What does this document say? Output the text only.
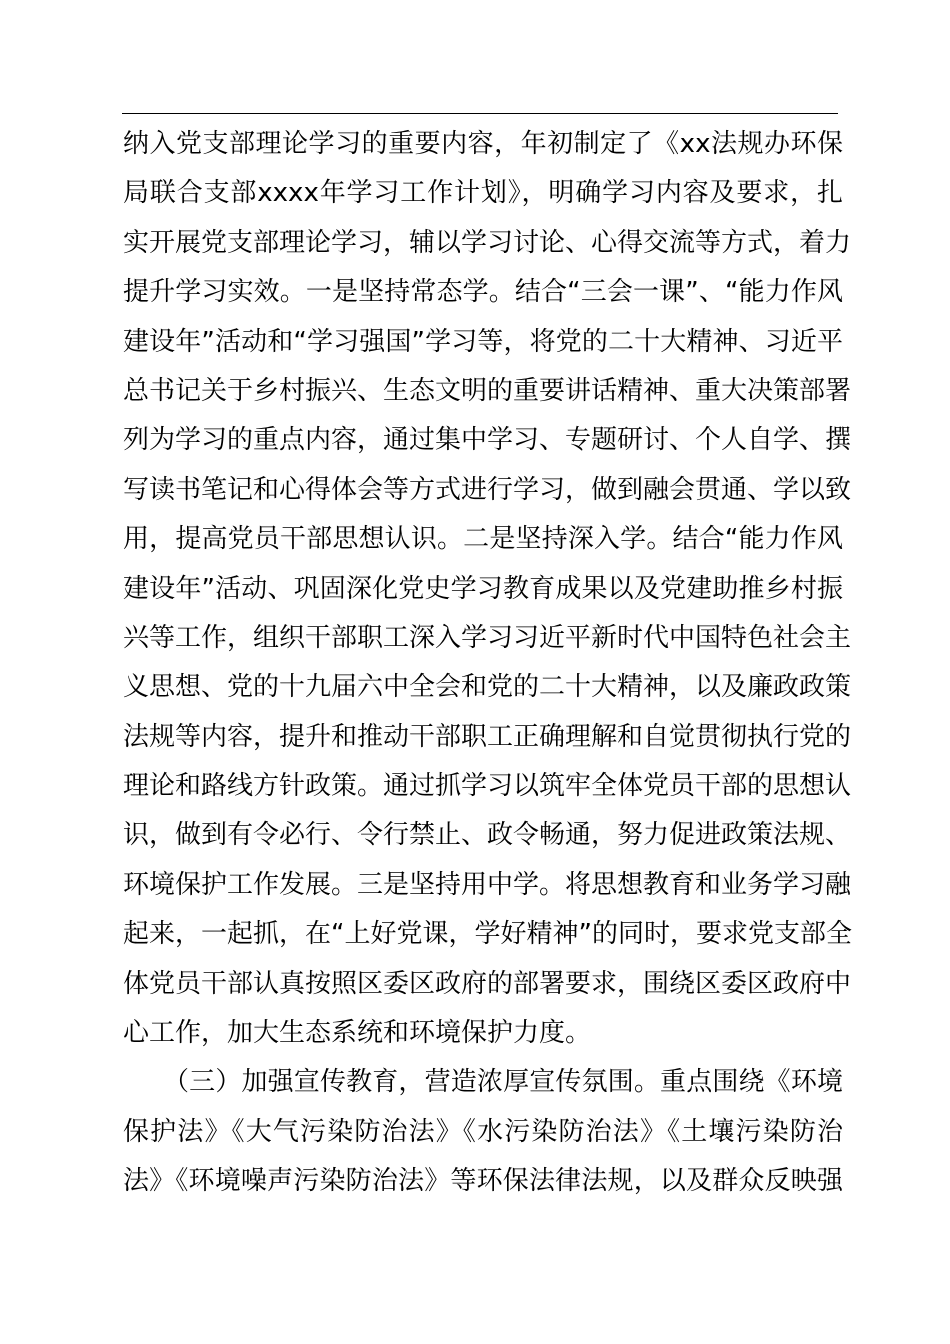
纳入党支部理论学习的重要内容，年初制定了《xx法规办环保
局联合支部xxxx年学习工作计划》，明确学习内容及要求，扎
实开展党支部理论学习，辅以学习讨论、心得交流等方式，着力
提升学习实效。一是坚持常态学。结合“三会一课”、“能力作风
建设年”活动和“学习强国”学习等，将党的二十大精神、习近平
总书记关于乡村振兴、生态文明的重要讲话精神、重大决策部署
列为学习的重点内容，通过集中学习、专题研讨、个人自学、撰
写读书笔记和心得体会等方式进行学习，做到融会贯通、学以致
用，提高党员干部思想认识。二是坚持深入学。结合“能力作风
建设年”活动、巩固深化党史学习教育成果以及党建助推乡村振
兴等工作，组织干部职工深入学习习近平新时代中国特色社会主
义思想、党的十九届六中全会和党的二十大精神，以及廉政政策
法规等内容，提升和推动干部职工正确理解和自觉贯彻执行党的
理论和路线方针政策。通过抓学习以筑牢全体党员干部的思想认
识，做到有令必行、令行禁止、政令畅通，努力促进政策法规、
环境保护工作发展。三是坚持用中学。将思想教育和业务学习融
起来，一起抓，在“上好党课，学好精神”的同时，要求党支部全
体党员干部认真按照区委区政府的部署要求，围绕区委区政府中
心工作，加大生态系统和环境保护力度。
（三）加强宣传教育，营造浓厚宣传氛围。重点围绕《环境
保护法》《大气污染防治法》《水污染防治法》《土壤污染防治
法》《环境噪声污染防治法》等环保法律法规，以及群众反映强
